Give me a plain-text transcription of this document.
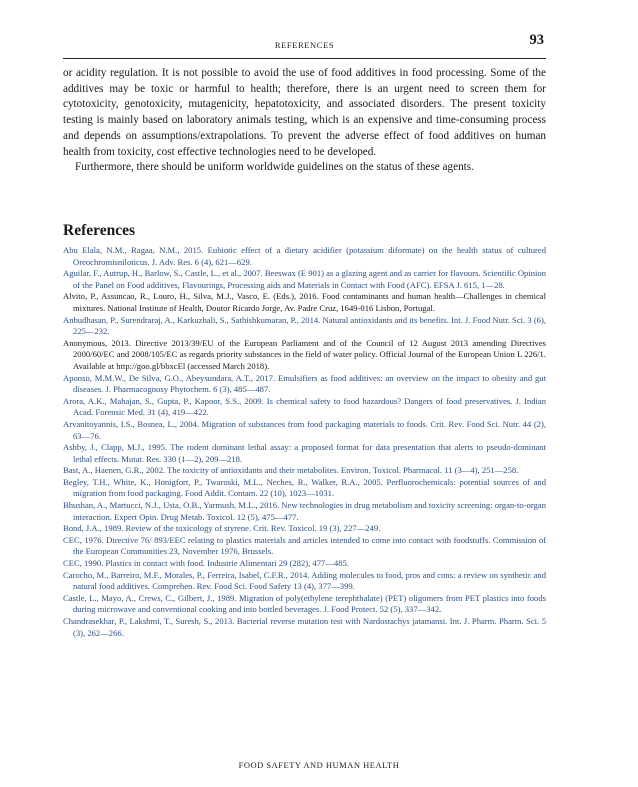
REFERENCES	93

or acidity regulation. It is not possible to avoid the use of food additives in food processing. Some of the additives may be toxic or harmful to health; therefore, there is an urgent need to screen them for cytotoxicity, genotoxicity, mutagenicity, hepatotoxicity, and associated disorders. The present toxicity testing is mainly based on laboratory animals testing, which is an expensive and time-consuming process and depends on assumptions/extrapolations. To prevent the adverse effect of food additives on human health from toxicity, cost effective technologies need to be developed.

Furthermore, there should be uniform worldwide guidelines on the status of these agents.

References
Abu Elala, N.M., Ragaa, N.M., 2015. Eubiotic effect of a dietary acidifier (potassium diformate) on the health status of cultured Oreochromisniloticus. J. Adv. Res. 6 (4), 621—629.
Aguilar, F., Autrup, H., Barlow, S., Castle, L., et al., 2007. Beeswax (E 901) as a glazing agent and as carrier for flavours. Scientific Opinion of the Panel on Food additives, Flavourings, Processing aids and Materials in Contact with Food (AFC). EFSA J. 615, 1—28.
Alvito, P., Assuncao, R., Louro, H., Silva, M.J., Vasco, E. (Eds.), 2016. Food contaminants and human health—Challenges in chemical mixtures. National Institute of Health, Doutor Ricardo Jorge, Av. Padre Cruz, 1649-016 Lisbon, Portugal.
Anbudhasan, P., Surendraraj, A., Karkuzhali, S., Sathishkumaran, P., 2014. Natural antioxidants and its benefits. Int. J. Food Nutr. Sci. 3 (6), 225—232.
Anonymous, 2013. Directive 2013/39/EU of the European Parliament and of the Council of 12 August 2013 amending Directives 2000/60/EC and 2008/105/EC as regards priority substances in the field of water policy. Official Journal of the European Union L 226/1. Available at http://goo.gl/bbxcEl (accessed March 2018).
Aponso, M.M.W., De Silva, G.O., Abeysundara, A.T., 2017. Emulsifiers as food additives: an overview on the impact to obesity and gut diseases. J. Pharmacognosy Phytochem. 6 (3), 485—487.
Arora, A.K., Mahajan, S., Gupta, P., Kapoor, S.S., 2009. Is chemical safety to food hazardous? Dangers of food preservatives. J. Indian Acad. Forensic Med. 31 (4), 419—422.
Arvanitoyannis, I.S., Bosnea, L., 2004. Migration of substances from food packaging materials to foods. Crit. Rev. Food Sci. Nutr. 44 (2), 63—76.
Ashby, J., Clapp, M.J., 1995. The rodent dominant lethal assay: a proposed format for data presentation that alerts to pseudo-dominant lethal effects. Mutat. Res. 330 (1—2), 209—218.
Bast, A., Haenen, G.R., 2002. The toxicity of antioxidants and their metabolites. Environ. Toxicol. Pharmacol. 11 (3—4), 251—258.
Begley, T.H., White, K., Honigfort, P., Twaroski, M.L., Neches, R., Walker, R.A., 2005. Perfluorochemicals: potential sources of and migration from food packaging. Food Addit. Contam. 22 (10), 1023—1031.
Bhushan, A., Martucci, N.J., Usta, O.B., Yarmush, M.L., 2016. New technologies in drug metabolism and toxicity screening: organ-to-organ interaction. Expert Opin. Drug Metab. Toxicol. 12 (5), 475—477.
Bond, J.A., 1989. Review of the toxicology of styrene. Crit. Rev. Toxicol. 19 (3), 227—249.
CEC, 1976. Directive 76/ 893/EEC relating to plastics materials and articles intended to come into contact with foodstuffs. Commission of the European Communities 23, November 1976, Brussels.
CEC, 1990. Plastics in contact with food. Industrie Alimentari 29 (282), 477—485.
Carocho, M., Barreiro, M.F., Morales, P., Ferreira, Isabel, C.F.R., 2014. Adding molecules to food, pros and cons: a review on synthetic and natural food additives. Comprehen. Rev. Food Sci. Food Safety 13 (4), 377—399.
Castle, L., Mayo, A., Crews, C., Gilbert, J., 1989. Migration of poly(ethylene terephthalate) (PET) oligomers from PET plastics into foods during microwave and conventional cooking and into bottled beverages. J. Food Protect. 52 (5), 337—342.
Chandrasekhar, P., Lakshmi, T., Suresh, S., 2013. Bacterial reverse mutation test with Nardostachys jatamansi. Int. J. Pharm. Pharm. Sci. 5 (3), 262—266.
FOOD SAFETY AND HUMAN HEALTH
